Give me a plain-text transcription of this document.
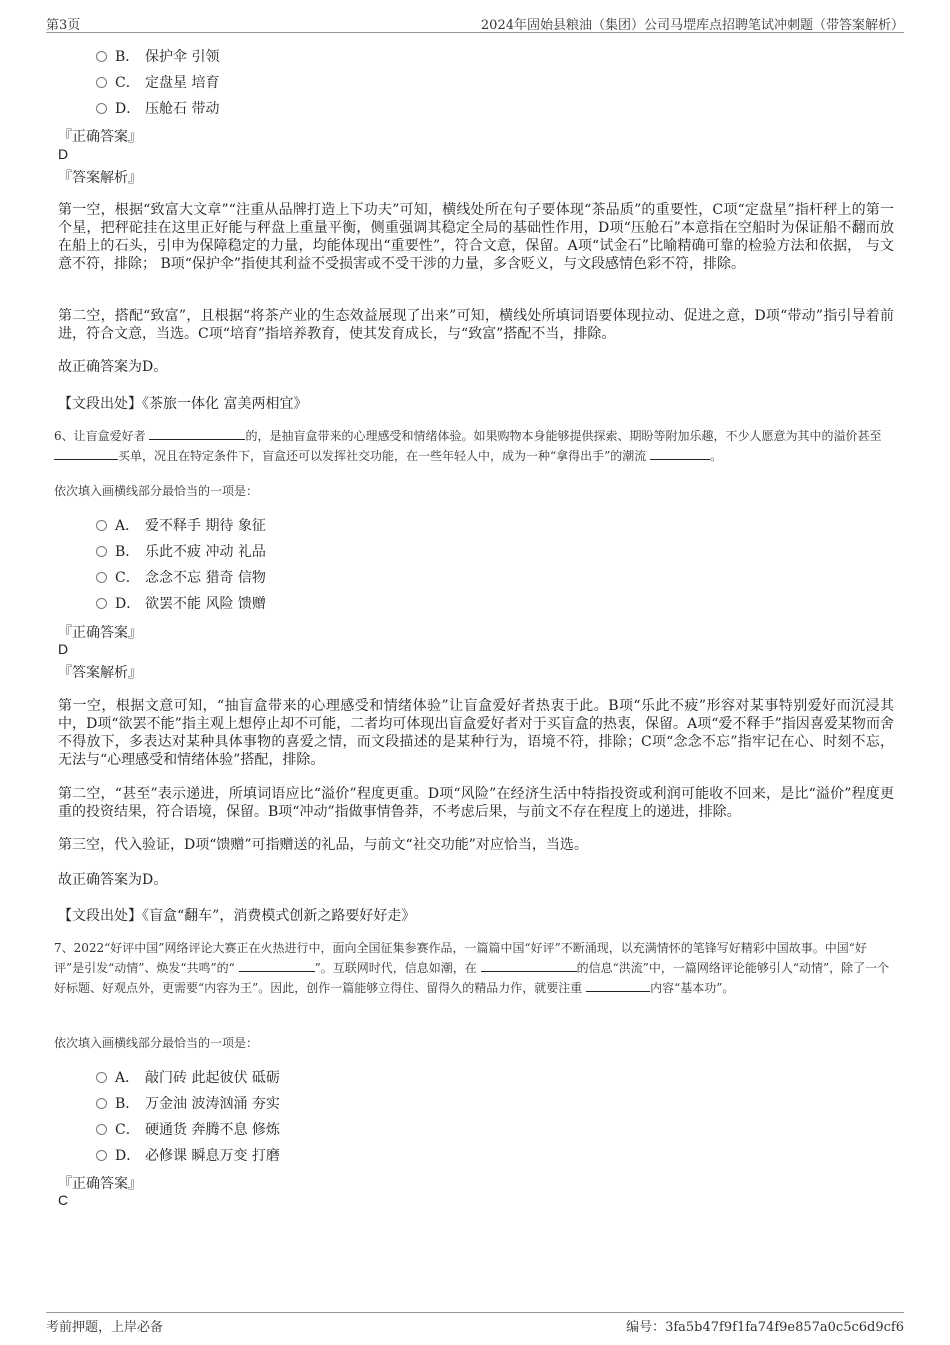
第3页	2024年固始县粮油（集团）公司马堽库点招聘笔试冲刺题（带答案解析）
B． 保护伞 引领
C． 定盘星 培育
D． 压舱石 带动
『正确答案』
D
『答案解析』
第一空，根据“致富大文章”“注重从品牌打造上下功夫”可知，横线处所在句子要体现“茶品质”的重要性，C项“定盘星”指杆秤上的第一个星，把秤砣挂在这里正好能与秤盘上重量平衡，侧重强调其稳定全局的基础性作用，D项“压舱石”本意指在空船时为保证船不翻而放在船上的石头，引申为保障稳定的力量，均能体现出“重要性”，符合文意，保留。A项“试金石”比喻精确可靠的检验方法和依据， 与文意不符，排除； B项“保护伞”指使其利益不受损害或不受干涉的力量，多含贬义，与文段感情色彩不符，排除。
第二空，搭配“致富”，且根据“将茶产业的生态效益展现了出来”可知，横线处所填词语要体现拉动、促进之意，D项“带动”指引导着前进，符合文意，当选。C项“培育”指培养教育，使其发育成长，与“致富”搭配不当，排除。
故正确答案为D。
【文段出处】《茶旅一体化 富美两相宜》
6、让盲盒爱好者	的，是抽盲盒带来的心理感受和情绪体验。如果购物本身能够提供探索、期盼等附加乐趣，不少人愿意为其中的溢价甚至 买单，况且在特定条件下，盲盒还可以发挥社交功能，在一些年轻人中，成为一种“拿得出手”的潮流	。
依次填入画横线部分最恰当的一项是：
A． 爱不释手 期待 象征
B． 乐此不疲 冲动 礼品
C． 念念不忘 猎奇 信物
D． 欲罢不能 风险 馈赠
『正确答案』
D
『答案解析』
第一空，根据文意可知，“抽盲盒带来的心理感受和情绪体验”让盲盒爱好者热衷于此。B项“乐此不疲”形容对某事特别爱好而沉浸其中，D项“欲罢不能”指主观上想停止却不可能，二者均可体现出盲盒爱好者对于买盲盒的热衷，保留。A项“爱不释手”指因喜爱某物而舍不得放下，多表达对某种具体事物的喜爱之情，而文段描述的是某种行为，语境不符，排除；C项“念念不忘”指牢记在心、时刻不忘，无法与“心理感受和情绪体验”搭配，排除。
第二空，“甚至”表示递进，所填词语应比“溢价”程度更重。D项“风险”在经济生活中特指投资或利润可能收不回来，是比“溢价”程度更重的投资结果，符合语境，保留。B项“冲动”指做事情鲁莽，不考虑后果，与前文不存在程度上的递进，排除。
第三空，代入验证，D项“馈赠”可指赠送的礼品，与前文“社交功能”对应恰当，当选。
故正确答案为D。
【文段出处】《盲盒“翻车”，消费模式创新之路要好好走》
7、2022“好评中国”网络评论大赛正在火热进行中，面向全国征集参赛作品，一篇篇中国“好评”不断涌现，以充满情怀的笔锋写好精彩中国故事。中国“好评”是引发“动情”、焕发“共鸣”的“	”。互联网时代，信息如潮，在	的信息“洪流”中，一篇网络评论能够引人“动情”，除了一个好标题、好观点外，更需要“内容为王”。因此，创作一篇能够立得住、留得久的精品力作，就要注重	内容“基本功”。
依次填入画横线部分最恰当的一项是：
A． 敲门砖 此起彼伏 砥砺
B． 万金油 波涛汹涌 夯实
C． 硬通货 奔腾不息 修炼
D． 必修课 瞬息万变 打磨
『正确答案』
C
考前押题，上岸必备	编号：3fa5b47f9f1fa74f9e857a0c5c6d9cf6
